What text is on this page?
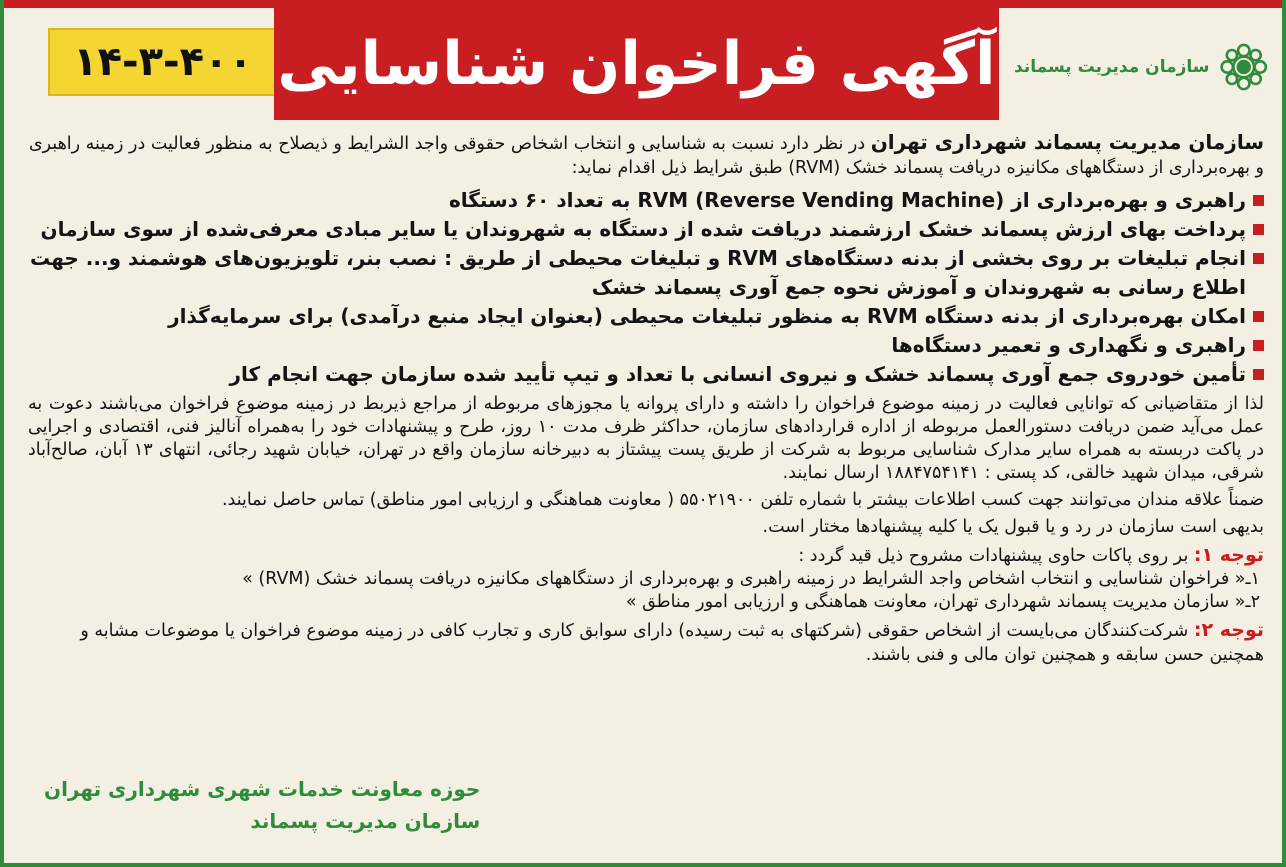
۱۴-۳-۴۰۰ آگهی فراخوان شناسایی سازمان مدیریت پسماند

سازمان مدیریت پسماند شهرداری تهران در نظر دارد نسبت به شناسایی و انتخاب اشخاص حقوقی واجد الشرایط و ذیصلاح به منظور فعالیت در زمینه راهبری و بهره‌برداری از دستگاههای مکانیزه دریافت پسماند خشک (RVM) طبق شرایط ذیل اقدام نماید:

راهبری و بهره‌برداری از RVM (Reverse Vending Machine) به تعداد ۶۰ دستگاه
پرداخت بهای ارزش پسماند خشک ارزشمند دریافت شده از دستگاه به شهروندان یا سایر مبادی معرفی‌شده از سوی سازمان
انجام تبلیغات بر روی بخشی از بدنه دستگاه‌های RVM و تبلیغات محیطی از طریق : نصب بنر، تلویزیون‌های هوشمند و... جهت اطلاع رسانی به شهروندان و آموزش نحوه جمع آوری پسماند خشک
امکان بهره‌برداری از بدنه دستگاه RVM به منظور تبلیغات محیطی (بعنوان ایجاد منبع درآمدی) برای سرمایه‌گذار
راهبری و نگهداری و تعمیر دستگاه‌ها
تأمین خودروی جمع آوری پسماند خشک و نیروی انسانی با تعداد و تیپ تأیید شده سازمان جهت انجام کار

لذا از متقاضیانی که توانایی فعالیت در زمینه موضوع فراخوان را داشته و دارای پروانه یا مجوزهای مربوطه از مراجع ذیربط در زمینه موضوع فراخوان می‌باشند دعوت به عمل می‌آید ضمن دریافت دستورالعمل مربوطه از اداره قراردادهای سازمان، حداکثر ظرف مدت ۱۰ روز، طرح و پیشنهادات خود را به‌همراه آنالیز فنی، اقتصادی و اجرایی در پاکت دربسته به همراه سایر مدارک شناسایی مربوط به شرکت از طریق پست پیشتاز به دبیرخانه سازمان واقع در تهران، خیابان شهید رجائی، انتهای ۱۳ آبان، صالح‌آباد شرقی، میدان شهید خالقی، کد پستی : ۱۸۸۴۷۵۴۱۴۱ ارسال نمایند.

ضمناً علاقه مندان می‌توانند جهت کسب اطلاعات بیشتر با شماره تلفن ۵۵۰۲۱۹۰۰ ( معاونت هماهنگی و ارزیابی امور مناطق) تماس حاصل نمایند.

بدیهی است سازمان در رد و یا قبول یک یا کلیه پیشنهادها مختار است.

توجه ۱: بر روی پاکات حاوی پیشنهادات مشروح ذیل قید گردد :

۱ـ« فراخوان شناسایی و انتخاب اشخاص واجد الشرایط در زمینه راهبری و بهره‌برداری از دستگاههای مکانیزه دریافت پسماند خشک (RVM) »

۲ـ« سازمان مدیریت پسماند شهرداری تهران، معاونت هماهنگی و ارزیابی امور مناطق »

توجه ۲: شرکت‌کنندگان می‌بایست از اشخاص حقوقی (شرکتهای به ثبت رسیده) دارای سوابق کاری و تجارب کافی در زمینه موضوع فراخوان یا موضوعات مشابه و همچنین حسن سابقه و همچنین توان مالی و فنی باشند.

حوزه معاونت خدمات شهری شهرداری تهران
سازمان مدیریت پسماند
